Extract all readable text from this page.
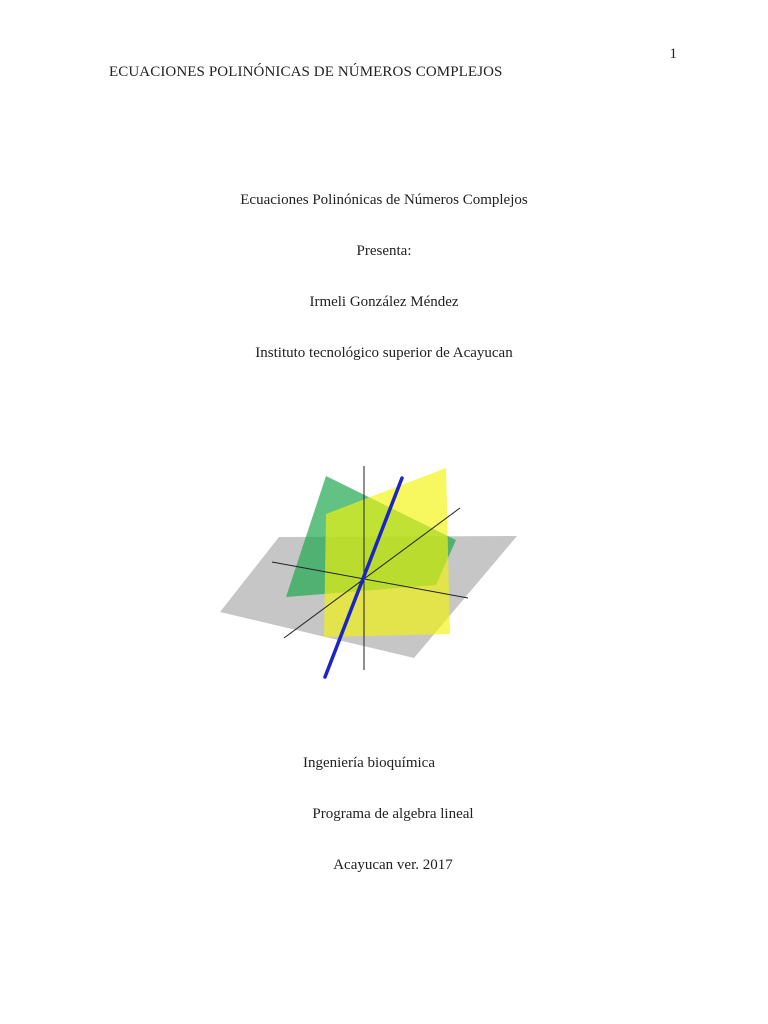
1
ECUACIONES POLINÓNICAS DE NÚMEROS COMPLEJOS
Ecuaciones Polinónicas de Números Complejos
Presenta:
Irmeli González Méndez
Instituto tecnológico superior de Acayucan
Ingeniería bioquímica
Programa de algebra lineal
Acayucan ver. 2017
